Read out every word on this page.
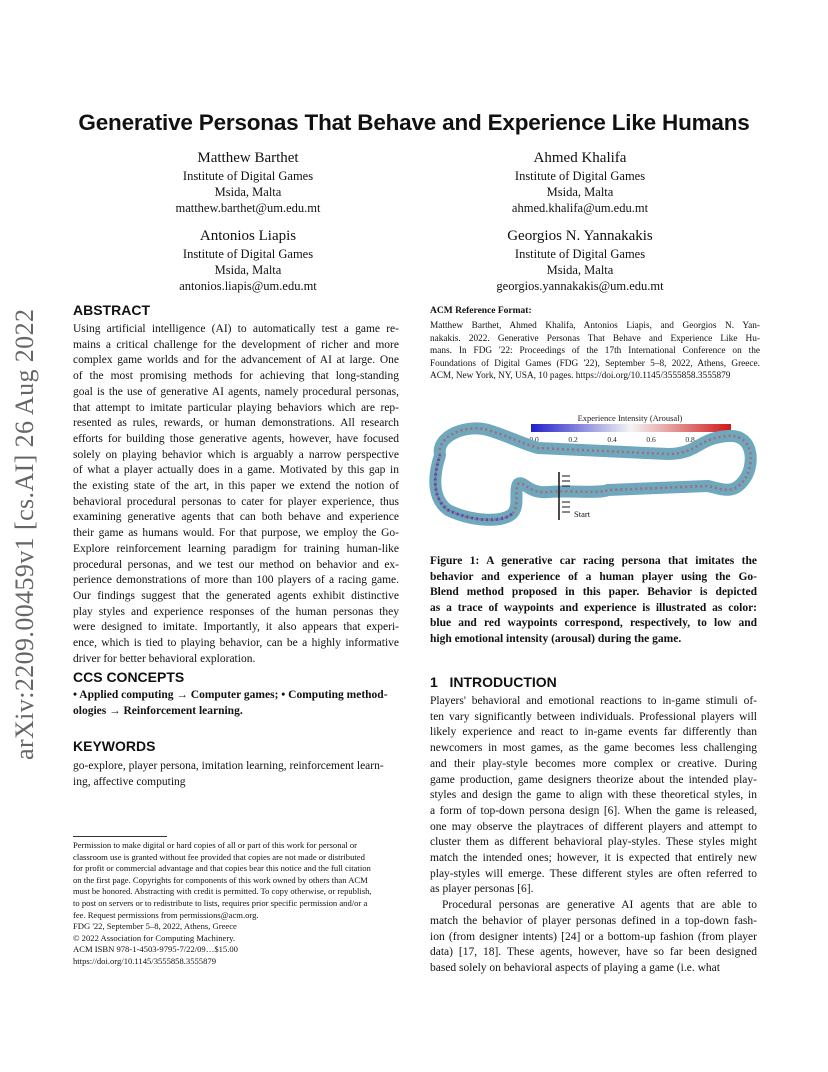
Generative Personas That Behave and Experience Like Humans
Matthew Barthet
Institute of Digital Games
Msida, Malta
matthew.barthet@um.edu.mt
Ahmed Khalifa
Institute of Digital Games
Msida, Malta
ahmed.khalifa@um.edu.mt
Antonios Liapis
Institute of Digital Games
Msida, Malta
antonios.liapis@um.edu.mt
Georgios N. Yannakakis
Institute of Digital Games
Msida, Malta
georgios.yannakakis@um.edu.mt
arXiv:2209.00459v1 [cs.AI] 26 Aug 2022 ABSTRACT
Using artificial intelligence (AI) to automatically test a game re-
mains a critical challenge for the development of richer and more
complex game worlds and for the advancement of AI at large. One
of the most promising methods for achieving that long-standing
goal is the use of generative AI agents, namely procedural personas,
that attempt to imitate particular playing behaviors which are rep-
resented as rules, rewards, or human demonstrations. All research
efforts for building those generative agents, however, have focused
solely on playing behavior which is arguably a narrow perspective
of what a player actually does in a game. Motivated by this gap in
the existing state of the art, in this paper we extend the notion of
behavioral procedural personas to cater for player experience, thus
examining generative agents that can both behave and experience
their game as humans would. For that purpose, we employ the Go-
Explore reinforcement learning paradigm for training human-like
procedural personas, and we test our method on behavior and ex-
perience demonstrations of more than 100 players of a racing game.
Our findings suggest that the generated agents exhibit distinctive
play styles and experience responses of the human personas they
were designed to imitate. Importantly, it also appears that experi-
ence, which is tied to playing behavior, can be a highly informative
driver for better behavioral exploration.
CCS CONCEPTS
• Applied computing → Computer games; • Computing method-
ologies → Reinforcement learning.
KEYWORDS
go-explore, player persona, imitation learning, reinforcement learn-
ing, affective computing
Permission to make digital or hard copies of all or part of this work for personal or
classroom use is granted without fee provided that copies are not made or distributed
for profit or commercial advantage and that copies bear this notice and the full citation
on the first page. Copyrights for components of this work owned by others than ACM
must be honored. Abstracting with credit is permitted. To copy otherwise, or republish,
to post on servers or to redistribute to lists, requires prior specific permission and/or a
fee. Request permissions from permissions@acm.org.
FDG '22, September 5–8, 2022, Athens, Greece
© 2022 Association for Computing Machinery.
ACM ISBN 978-1-4503-9795-7/22/09…$15.00
https://doi.org/10.1145/3555858.3555879
ACM Reference Format:
Matthew Barthet, Ahmed Khalifa, Antonios Liapis, and Georgios N. Yan-
nakakis. 2022. Generative Personas That Behave and Experience Like Hu-
mans. In FDG '22: Proceedings of the 17th International Conference on the
Foundations of Digital Games (FDG '22), September 5–8, 2022, Athens, Greece.
ACM, New York, NY, USA, 10 pages. https://doi.org/10.1145/3555858.3555879
Experience Intensity (Arousal)
0.0	0.2	0.4	0.6	0.8	1.0
Start
Figure 1: A generative car racing persona that imitates the
behavior and experience of a human player using the Go-
Blend method proposed in this paper. Behavior is depicted
as a trace of waypoints and experience is illustrated as color:
blue and red waypoints correspond, respectively, to low and
high emotional intensity (arousal) during the game.
1 INTRODUCTION
Players' behavioral and emotional reactions to in-game stimuli of-
ten vary significantly between individuals. Professional players will
likely experience and react to in-game events far differently than
newcomers in most games, as the game becomes less challenging
and their play-style becomes more complex or creative. During
game production, game designers theorize about the intended play-
styles and design the game to align with these theoretical styles, in
a form of top-down persona design [6]. When the game is released,
one may observe the playtraces of different players and attempt to
cluster them as different behavioral play-styles. These styles might
match the intended ones; however, it is expected that entirely new
play-styles will emerge. These different styles are often referred to
as player personas [6].
Procedural personas are generative AI agents that are able to
match the behavior of player personas defined in a top-down fash-
ion (from designer intents) [24] or a bottom-up fashion (from player
data) [17, 18]. These agents, however, have so far been designed
based solely on behavioral aspects of playing a game (i.e. what
